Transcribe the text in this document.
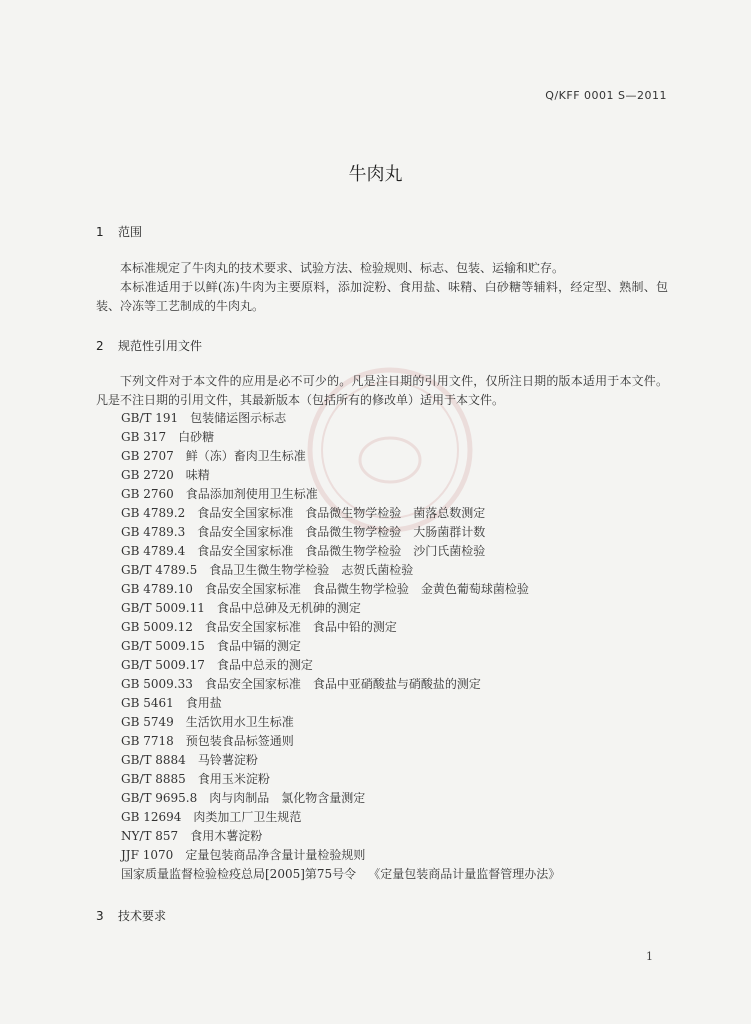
Q/KFF 0001 S—2011
牛肉丸
1 范围
本标准规定了牛肉丸的技术要求、试验方法、检验规则、标志、包装、运输和贮存。
本标准适用于以鲜(冻)牛肉为主要原料，添加淀粉、食用盐、味精、白砂糖等辅料，经定型、熟制、包装、冷冻等工艺制成的牛肉丸。
2 规范性引用文件
下列文件对于本文件的应用是必不可少的。凡是注日期的引用文件，仅所注日期的版本适用于本文件。凡是不注日期的引用文件，其最新版本（包括所有的修改单）适用于本文件。
GB/T 191 包装储运图示标志
GB 317 白砂糖
GB 2707 鲜（冻）畜肉卫生标准
GB 2720 味精
GB 2760 食品添加剂使用卫生标准
GB 4789.2 食品安全国家标准　食品微生物学检验　菌落总数测定
GB 4789.3 食品安全国家标准　食品微生物学检验　大肠菌群计数
GB 4789.4 食品安全国家标准　食品微生物学检验　沙门氏菌检验
GB/T 4789.5 食品卫生微生物学检验　志贺氏菌检验
GB 4789.10 食品安全国家标准　食品微生物学检验　金黄色葡萄球菌检验
GB/T 5009.11 食品中总砷及无机砷的测定
GB 5009.12 食品安全国家标准　食品中铅的测定
GB/T 5009.15 食品中镉的测定
GB/T 5009.17 食品中总汞的测定
GB 5009.33 食品安全国家标准　食品中亚硝酸盐与硝酸盐的测定
GB 5461 食用盐
GB 5749 生活饮用水卫生标准
GB 7718 预包装食品标签通则
GB/T 8884 马铃薯淀粉
GB/T 8885 食用玉米淀粉
GB/T 9695.8 肉与肉制品　氯化物含量测定
GB 12694 肉类加工厂卫生规范
NY/T 857 食用木薯淀粉
JJF 1070 定量包装商品净含量计量检验规则
国家质量监督检验检疫总局[2005]第75号令 《定量包装商品计量监督管理办法》
3 技术要求
1
